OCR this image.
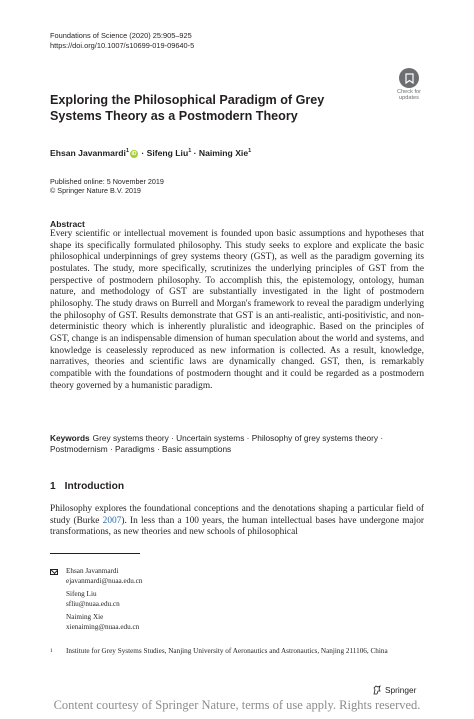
Foundations of Science (2020) 25:905–925
https://doi.org/10.1007/s10699-019-09640-5
Check for
updates
Exploring the Philosophical Paradigm of Grey Systems Theory as a Postmodern Theory
Ehsan Javanmardi$^1$ iD · Sifeng Liu$^1$ · Naiming Xie$^1$
Published online: 5 November 2019
© Springer Nature B.V. 2019
Abstract
Every scientific or intellectual movement is founded upon basic assumptions and hypotheses that shape its specifically formulated philosophy. This study seeks to explore and explicate the basic philosophical underpinnings of grey systems theory (GST), as well as the paradigm governing its postulates. The study, more specifically, scrutinizes the underlying principles of GST from the perspective of postmodern philosophy. To accomplish this, the epistemology, ontology, human nature, and methodology of GST are substantially investigated in the light of postmodern philosophy. The study draws on Burrell and Morgan's framework to reveal the paradigm underlying the philosophy of GST. Results demonstrate that GST is an anti-realistic, anti-positivistic, and non-deterministic theory which is inherently pluralistic and ideographic. Based on the principles of GST, change is an indispensable dimension of human speculation about the world and systems, and knowledge is ceaselessly reproduced as new information is collected. As a result, knowledge, narratives, theories and scientific laws are dynamically changed. GST, then, is remarkably compatible with the foundations of postmodern thought and it could be regarded as a postmodern theory governed by a humanistic paradigm.
Keywords Grey systems theory · Uncertain systems · Philosophy of grey systems theory · Postmodernism · Paradigms · Basic assumptions
1 Introduction
Philosophy explores the foundational conceptions and the denotations shaping a particular field of study (Burke 2007). In less than a 100 years, the human intellectual bases have undergone major transformations, as new theories and new schools of philosophical
Ehsan Javanmardi
ejavanmardi@nuaa.edu.cn
Sifeng Liu
sfliu@nuaa.edu.cn
Naiming Xie
xienaiming@nuaa.edu.cn
1 Institute for Grey Systems Studies, Nanjing University of Aeronautics and Astronautics, Nanjing 211106, China
Springer
Content courtesy of Springer Nature, terms of use apply. Rights reserved.
